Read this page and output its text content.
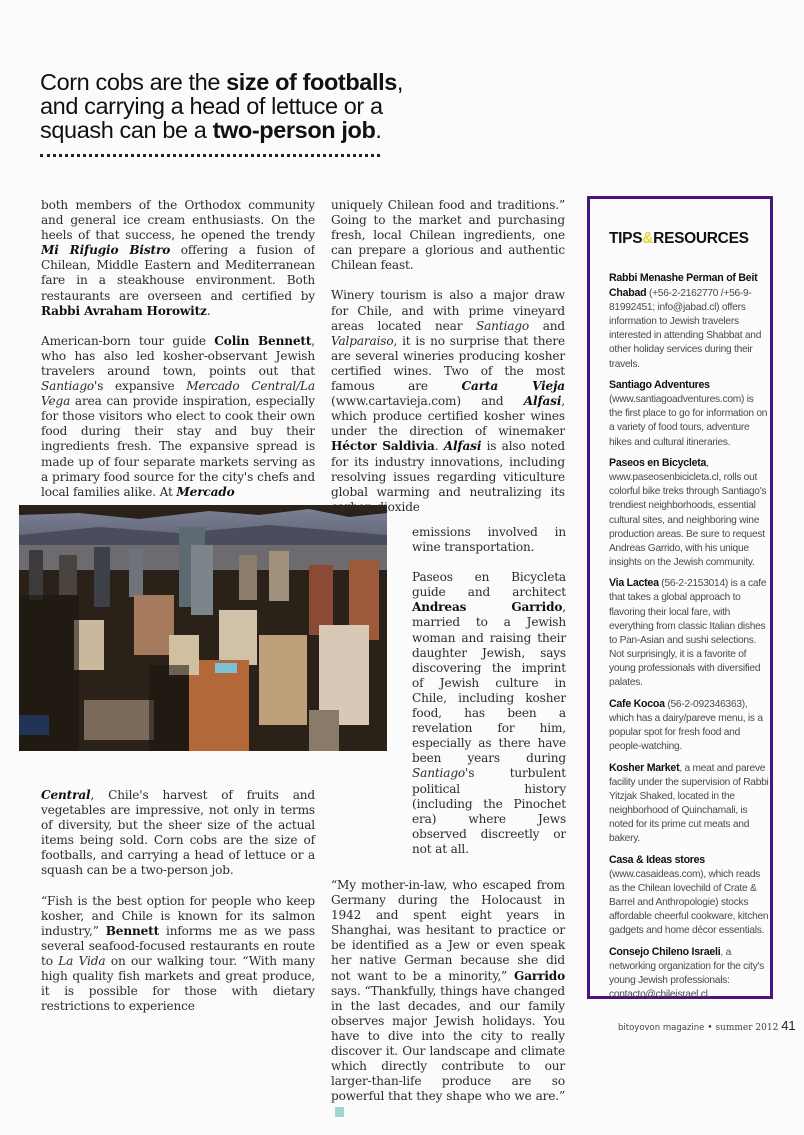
Corn cobs are the size of footballs,
and carrying a head of lettuce or a
squash can be a two-person job.

both members of the Orthodox community and general ice cream enthusiasts. On the heels of that success, he opened the trendy Mi Rifugio Bistro offering a fusion of Chilean, Middle Eastern and Mediterranean fare in a steakhouse environment. Both restaurants are overseen and certified by Rabbi Avraham Horowitz.

American-born tour guide Colin Bennett, who has also led kosher-observant Jewish travelers around town, points out that Santiago's expansive Mercado Central/La Vega area can provide inspiration, especially for those visitors who elect to cook their own food during their stay and buy their ingredients fresh. The expansive spread is made up of four separate markets serving as a primary food source for the city's chefs and local families alike. At Mercado

Central, Chile's harvest of fruits and vegetables are impressive, not only in terms of diversity, but the sheer size of the actual items being sold. Corn cobs are the size of footballs, and carrying a head of lettuce or a squash can be a two-person job.

“Fish is the best option for people who keep kosher, and Chile is known for its salmon industry,” Bennett informs me as we pass several seafood-focused restaurants en route to La Vida on our walking tour. “With many high quality fish markets and great produce, it is possible for those with dietary restrictions to experience

uniquely Chilean food and traditions.” Going to the market and purchasing fresh, local Chilean ingredients, one can prepare a glorious and authentic Chilean feast.

Winery tourism is also a major draw for Chile, and with prime vineyard areas located near Santiago and Valparaiso, it is no surprise that there are several wineries producing kosher certified wines. Two of the most famous are Carta Vieja (www.cartavieja.com) and Alfasi, which produce certified kosher wines under the direction of winemaker Héctor Saldivia. Alfasi is also noted for its industry innovations, including resolving issues regarding viticulture global warming and neutralizing its carbon dioxide

emissions involved in wine transportation.

Paseos en Bicycleta guide and architect Andreas Garrido, married to a Jewish woman and raising their daughter Jewish, says discovering the imprint of Jewish culture in Chile, including kosher food, has been a revelation for him, especially as there have been years during Santiago's turbulent political history (including the Pinochet era) where Jews observed discreetly or not at all.

“My mother-in-law, who escaped from Germany during the Holocaust in 1942 and spent eight years in Shanghai, was hesitant to practice or be identified as a Jew or even speak her native German because she did not want to be a minority,” Garrido says. “Thankfully, things have changed in the last decades, and our family observes major Jewish holidays. You have to dive into the city to really discover it. Our landscape and climate which directly contribute to our larger-than-life produce are so powerful that they shape who we are.”

TIPS&RESOURCES
Rabbi Menashe Perman of Beit Chabad (+56-2-2162770 /+56-9-81992451; info@jabad.cl) offers information to Jewish travelers interested in attending Shabbat and other holiday services during their travels.
Santiago Adventures (www.santiagoadventures.com) is the first place to go for information on a variety of food tours, adventure hikes and cultural itineraries.
Paseos en Bicycleta, www.paseosenbicicleta.cl, rolls out colorful bike treks through Santiago's trendiest neighborhoods, essential cultural sites, and neighboring wine production areas. Be sure to request Andreas Garrido, with his unique insights on the Jewish community.
Via Lactea (56-2-2153014) is a cafe that takes a global approach to flavoring their local fare, with everything from classic Italian dishes to Pan-Asian and sushi selections. Not surprisingly, it is a favorite of young professionals with diversified palates.
Cafe Kocoa (56-2-092346363), which has a dairy/pareve menu, is a popular spot for fresh food and people-watching.
Kosher Market, a meat and pareve facility under the supervision of Rabbi Yitzjak Shaked, located in the neighborhood of Quinchamali, is noted for its prime cut meats and bakery.
Casa & Ideas stores (www.casaideas.com), which reads as the Chilean lovechild of Crate & Barrel and Anthropologie) stocks affordable cheerful cookware, kitchen gadgets and home décor essentials.
Consejo Chileno Israeli, a networking organization for the city's young Jewish professionals: contacto@chileisrael.cl.
bitoyovon magazine • summer 2012 41
